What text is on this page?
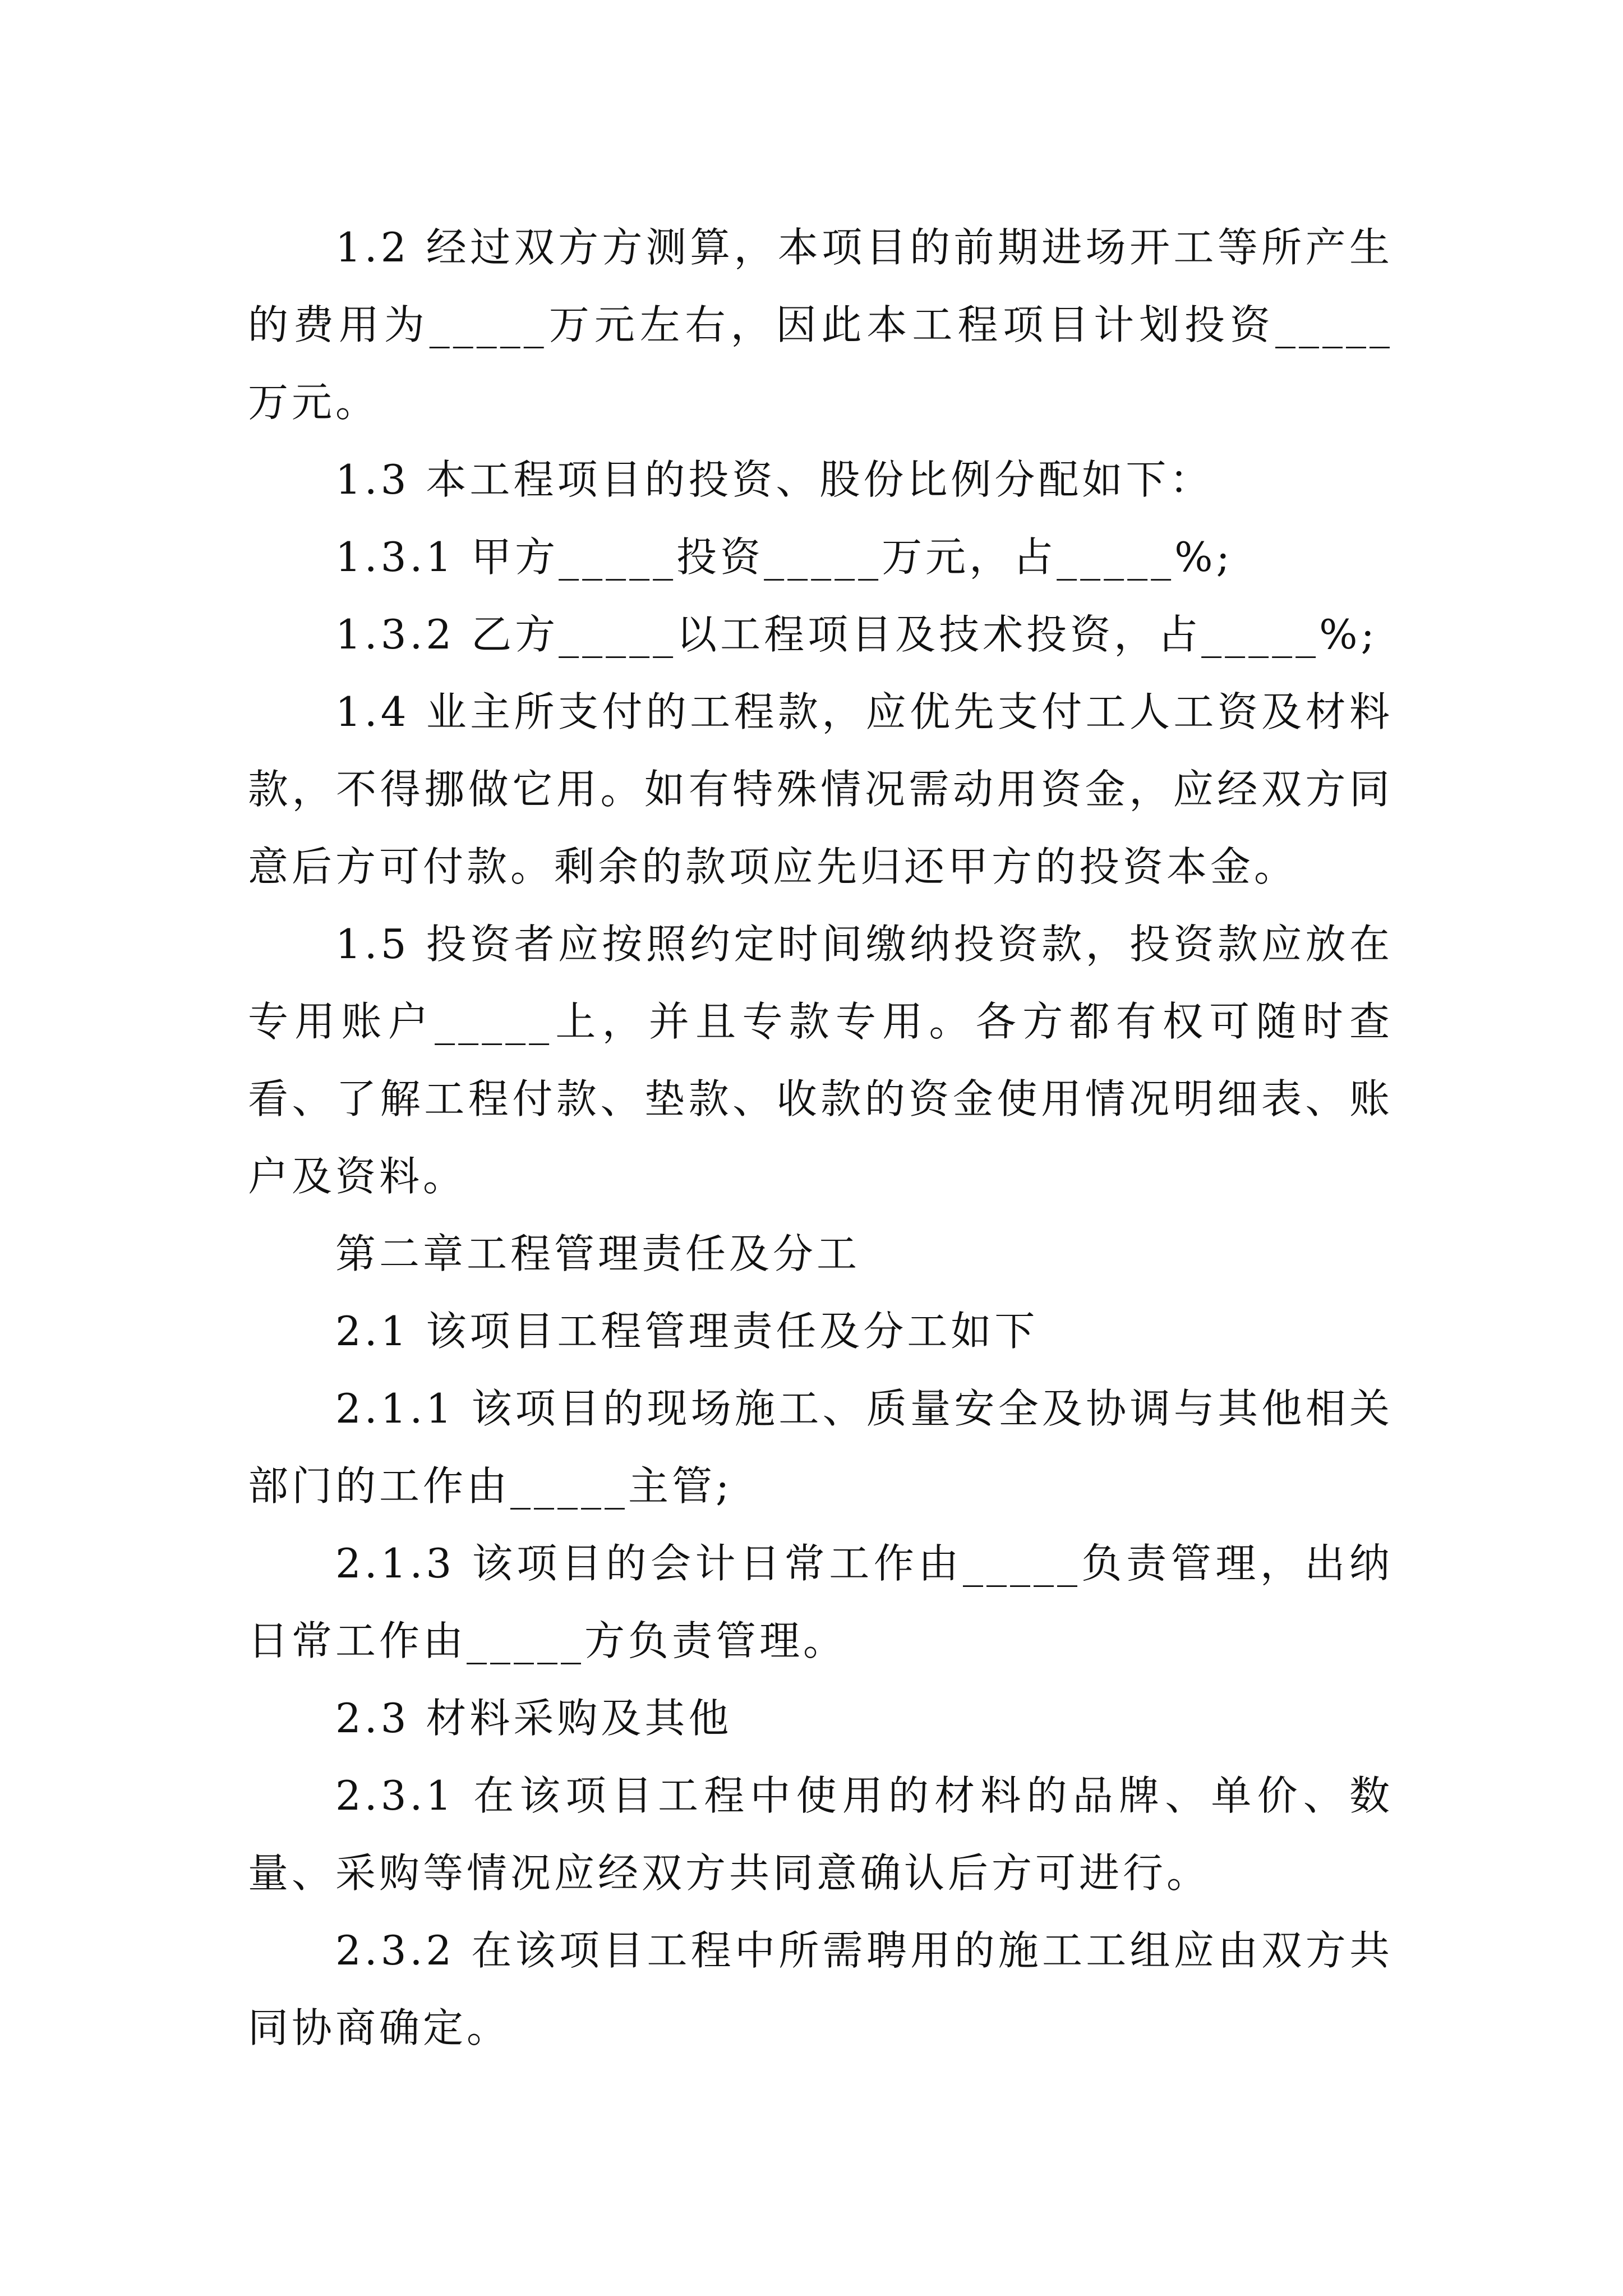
1.2 经过双方方测算，本项目的前期进场开工等所产生的费用为_____万元左右，因此本工程项目计划投资_____万元。

1.3 本工程项目的投资、股份比例分配如下：

1.3.1 甲方_____投资_____万元，占_____%;

1.3.2 乙方_____以工程项目及技术投资，占_____%;

1.4 业主所支付的工程款，应优先支付工人工资及材料款，不得挪做它用。如有特殊情况需动用资金，应经双方同意后方可付款。剩余的款项应先归还甲方的投资本金。

1.5 投资者应按照约定时间缴纳投资款，投资款应放在专用账户_____上，并且专款专用。各方都有权可随时查看、了解工程付款、垫款、收款的资金使用情况明细表、账户及资料。

第二章工程管理责任及分工

2.1 该项目工程管理责任及分工如下

2.1.1 该项目的现场施工、质量安全及协调与其他相关部门的工作由_____主管;

2.1.3 该项目的会计日常工作由_____负责管理，出纳日常工作由_____方负责管理。

2.3 材料采购及其他

2.3.1 在该项目工程中使用的材料的品牌、单价、数量、采购等情况应经双方共同意确认后方可进行。

2.3.2 在该项目工程中所需聘用的施工工组应由双方共同协商确定。
